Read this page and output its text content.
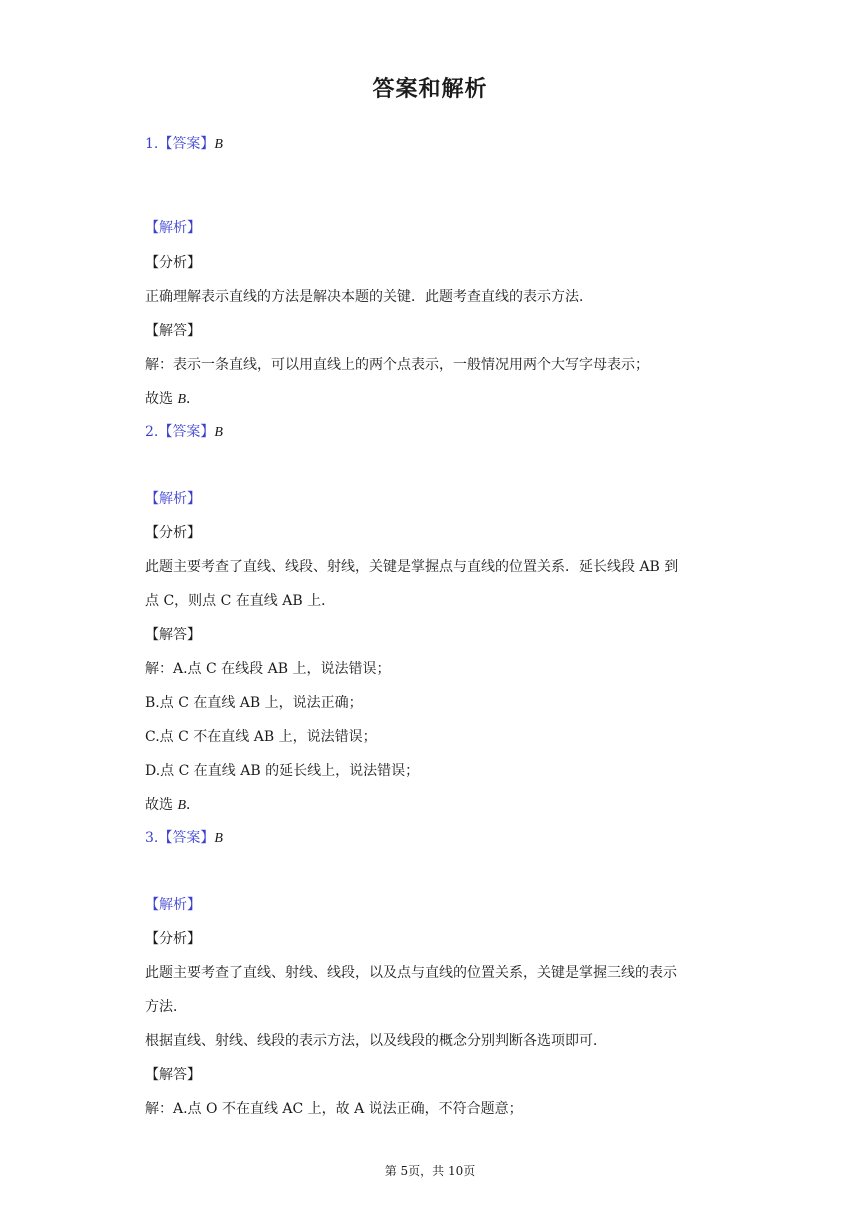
答案和解析
1.【答案】B
【解析】
【分析】
正确理解表示直线的方法是解决本题的关键．此题考查直线的表示方法．
【解答】
解：表示一条直线，可以用直线上的两个点表示，一般情况用两个大写字母表示；
故选 B．
2.【答案】B
【解析】
【分析】
此题主要考查了直线、线段、射线，关键是掌握点与直线的位置关系．延长线段 AB 到
点 C，则点 C 在直线 AB 上．
【解答】
解：A.点 C 在线段 AB 上，说法错误；
B.点 C 在直线 AB 上，说法正确；
C.点 C 不在直线 AB 上，说法错误；
D.点 C 在直线 AB 的延长线上，说法错误；
故选 B．
3.【答案】B
【解析】
【分析】
此题主要考查了直线、射线、线段，以及点与直线的位置关系，关键是掌握三线的表示
方法．
根据直线、射线、线段的表示方法，以及线段的概念分别判断各选项即可．
【解答】
解：A.点 O 不在直线 AC 上，故 A 说法正确，不符合题意；
第 5页，共 10页
